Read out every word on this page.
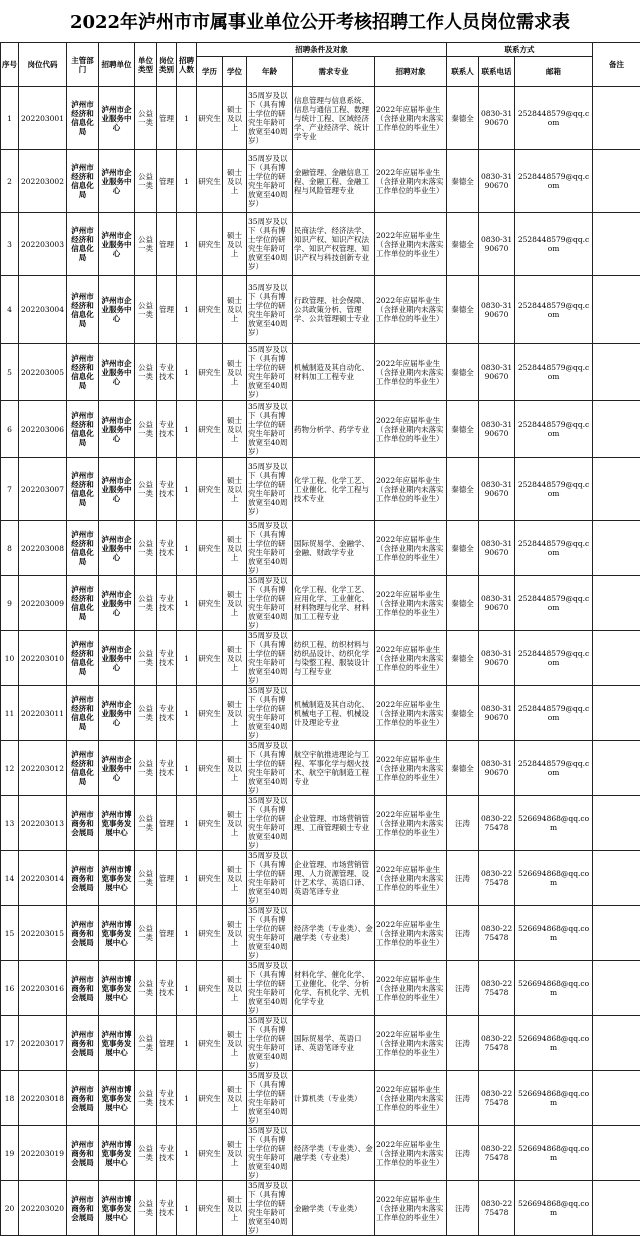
2022年泸州市市属事业单位公开考核招聘工作人员岗位需求表
序号	岗位代码	主管部门	招聘单位	单位类型	岗位类别	招聘人数	招聘条件及对象					联系方式			备注
							学历	学位	年龄	需求专业	招聘对象	联系人	联系电话	邮箱	
1	202203001	泸州市经济和信息化局	泸州市企业服务中心	公益一类	管理	1	研究生	硕士及以上	35周岁及以下（具有博士学位的研究生年龄可放宽至40周岁）	信息管理与信息系统、信息与通信工程、数理与统计工程、区域经济学、产业经济学、统计学专业	2022年应届毕业生（含择业期内未落实工作单位的毕业生）	秦德全	0830-3190670	2528448579@qq.com	
2	202203002	泸州市经济和信息化局	泸州市企业服务中心	公益一类	管理	1	研究生	硕士及以上	35周岁及以下（具有博士学位的研究生年龄可放宽至40周岁）	金融管理、金融信息工程、金融工程、金融工程与风险管理专业	2022年应届毕业生（含择业期内未落实工作单位的毕业生）	秦德全	0830-3190670	2528448579@qq.com	
3	202203003	泸州市经济和信息化局	泸州市企业服务中心	公益一类	管理	1	研究生	硕士及以上	35周岁及以下（具有博士学位的研究生年龄可放宽至40周岁）	民商法学、经济法学、知识产权、知识产权法学、知识产权管理、知识产权与科技创新专业	2022年应届毕业生（含择业期内未落实工作单位的毕业生）	秦德全	0830-3190670	2528448579@qq.com	
4	202203004	泸州市经济和信息化局	泸州市企业服务中心	公益一类	管理	1	研究生	硕士及以上	35周岁及以下（具有博士学位的研究生年龄可放宽至40周岁）	行政管理、社会保障、公共政策分析、管理学、公共管理硕士专业	2022年应届毕业生（含择业期内未落实工作单位的毕业生）	秦德全	0830-3190670	2528448579@qq.com	
5	202203005	泸州市经济和信息化局	泸州市企业服务中心	公益一类	专业技术	1	研究生	硕士及以上	35周岁及以下（具有博士学位的研究生年龄可放宽至40周岁）	机械制造及其自动化、材料加工工程专业	2022年应届毕业生（含择业期内未落实工作单位的毕业生）	秦德全	0830-3190670	2528448579@qq.com	
6	202203006	泸州市经济和信息化局	泸州市企业服务中心	公益一类	专业技术	1	研究生	硕士及以上	35周岁及以下（具有博士学位的研究生年龄可放宽至40周岁）	药物分析学、药学专业	2022年应届毕业生（含择业期内未落实工作单位的毕业生）	秦德全	0830-3190670	2528448579@qq.com	
7	202203007	泸州市经济和信息化局	泸州市企业服务中心	公益一类	专业技术	1	研究生	硕士及以上	35周岁及以下（具有博士学位的研究生年龄可放宽至40周岁）	化学工程、化学工艺、工业催化、化学工程与技术专业	2022年应届毕业生（含择业期内未落实工作单位的毕业生）	秦德全	0830-3190670	2528448579@qq.com	
8	202203008	泸州市经济和信息化局	泸州市企业服务中心	公益一类	专业技术	1	研究生	硕士及以上	35周岁及以下（具有博士学位的研究生年龄可放宽至40周岁）	国际贸易学、金融学、金融、财政学专业	2022年应届毕业生（含择业期内未落实工作单位的毕业生）	秦德全	0830-3190670	2528448579@qq.com	
9	202203009	泸州市经济和信息化局	泸州市企业服务中心	公益一类	专业技术	1	研究生	硕士及以上	35周岁及以下（具有博士学位的研究生年龄可放宽至40周岁）	化学工程、化学工艺、应用化学、工业催化、材料物理与化学、材料加工工程专业	2022年应届毕业生（含择业期内未落实工作单位的毕业生）	秦德全	0830-3190670	2528448579@qq.com	
10	202203010	泸州市经济和信息化局	泸州市企业服务中心	公益一类	专业技术	1	研究生	硕士及以上	35周岁及以下（具有博士学位的研究生年龄可放宽至40周岁）	纺织工程、纺织材料与纺织品设计、纺织化学与染整工程、服装设计与工程专业	2022年应届毕业生（含择业期内未落实工作单位的毕业生）	秦德全	0830-3190670	2528448579@qq.com	
11	202203011	泸州市经济和信息化局	泸州市企业服务中心	公益一类	专业技术	1	研究生	硕士及以上	35周岁及以下（具有博士学位的研究生年龄可放宽至40周岁）	机械制造及其自动化、机械电子工程、机械设计及理论专业	2022年应届毕业生（含择业期内未落实工作单位的毕业生）	秦德全	0830-3190670	2528448579@qq.com	
12	202203012	泸州市经济和信息化局	泸州市企业服务中心	公益一类	专业技术	1	研究生	硕士及以上	35周岁及以下（具有博士学位的研究生年龄可放宽至40周岁）	航空宇航推进理论与工程、军事化学与烟火技术、航空宇航制造工程专业	2022年应届毕业生（含择业期内未落实工作单位的毕业生）	秦德全	0830-3190670	2528448579@qq.com	
13	202203013	泸州市商务和会展局	泸州市博览事务发展中心	公益一类	管理	1	研究生	硕士及以上	35周岁及以下（具有博士学位的研究生年龄可放宽至40周岁）	企业管理、市场营销管理、工商管理硕士专业	2022年应届毕业生（含择业期内未落实工作单位的毕业生）	汪涛	0830-2275478	526694868@qq.com	
14	202203014	泸州市商务和会展局	泸州市博览事务发展中心	公益一类	管理	1	研究生	硕士及以上	35周岁及以下（具有博士学位的研究生年龄可放宽至40周岁）	企业管理、市场营销管理、人力资源管理、设计艺术学、英语口译、英语笔译专业	2022年应届毕业生（含择业期内未落实工作单位的毕业生）	汪涛	0830-2275478	526694868@qq.com	
15	202203015	泸州市商务和会展局	泸州市博览事务发展中心	公益一类	管理	1	研究生	硕士及以上	35周岁及以下（具有博士学位的研究生年龄可放宽至40周岁）	经济学类（专业类）、金融学类（专业类）	2022年应届毕业生（含择业期内未落实工作单位的毕业生）	汪涛	0830-2275478	526694868@qq.com	
16	202203016	泸州市商务和会展局	泸州市博览事务发展中心	公益一类	专业技术	1	研究生	硕士及以上	35周岁及以下（具有博士学位的研究生年龄可放宽至40周岁）	材料化学、催化化学、工业催化、化学、分析化学、有机化学、无机化学专业	2022年应届毕业生（含择业期内未落实工作单位的毕业生）	汪涛	0830-2275478	526694868@qq.com	
17	202203017	泸州市商务和会展局	泸州市博览事务发展中心	公益一类	管理	1	研究生	硕士及以上	35周岁及以下（具有博士学位的研究生年龄可放宽至40周岁）	国际贸易学、英语口译、英语笔译专业	2022年应届毕业生（含择业期内未落实工作单位的毕业生）	汪涛	0830-2275478	526694868@qq.com	
18	202203018	泸州市商务和会展局	泸州市博览事务发展中心	公益一类	专业技术	1	研究生	硕士及以上	35周岁及以下（具有博士学位的研究生年龄可放宽至40周岁）	计算机类（专业类）	2022年应届毕业生（含择业期内未落实工作单位的毕业生）	汪涛	0830-2275478	526694868@qq.com	
19	202203019	泸州市商务和会展局	泸州市博览事务发展中心	公益一类	专业技术	1	研究生	硕士及以上	35周岁及以下（具有博士学位的研究生年龄可放宽至40周岁）	经济学类（专业类）、金融学类（专业类）	2022年应届毕业生（含择业期内未落实工作单位的毕业生）	汪涛	0830-2275478	526694868@qq.com	
20	202203020	泸州市商务和会展局	泸州市博览事务发展中心	公益一类	专业技术	1	研究生	硕士及以上	35周岁及以下（具有博士学位的研究生年龄可放宽至40周岁）	金融学类（专业类）	2022年应届毕业生（含择业期内未落实工作单位的毕业生）	汪涛	0830-2275478	526694868@qq.com	
